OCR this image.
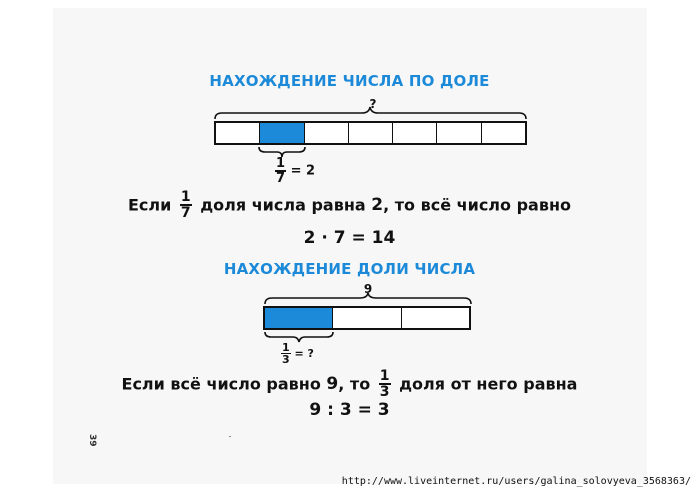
НАХОЖДЕНИЕ ЧИСЛА ПО ДОЛЕ
?
$\frac{1}{7} = 2$
Если $\frac{1}{7}$ доля числа равна 2, то всё число равно
2 · 7 = 14
НАХОЖДЕНИЕ ДОЛИ ЧИСЛА
9
$\frac{1}{3}$ = ?
Если всё число равно 9, то $\frac{1}{3}$ доля от него равна
9 : 3 = 3
39
http://www.liveinternet.ru/users/galina_solovyeva_3568363/
